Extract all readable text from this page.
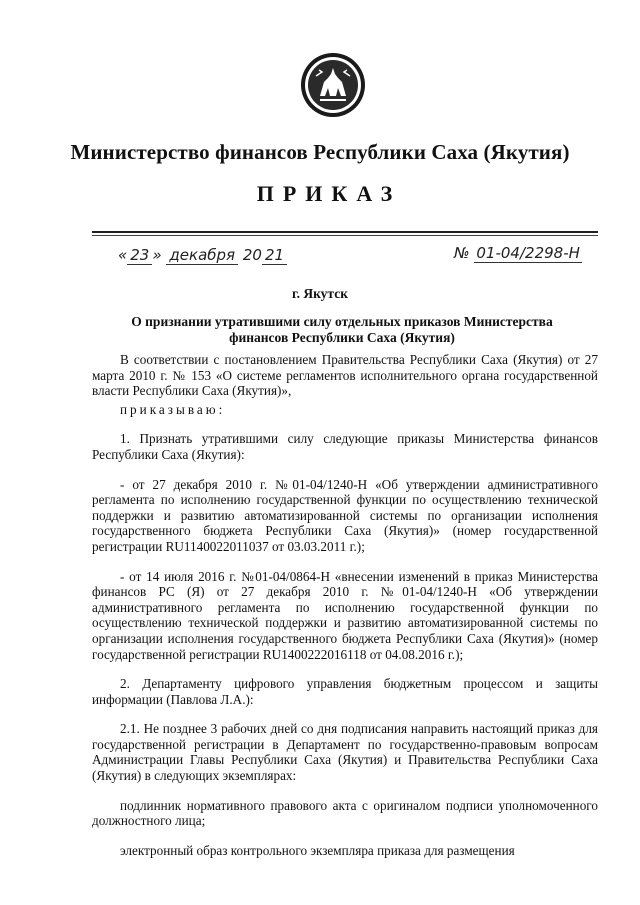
Министерство финансов Республики Саха (Якутия)
ПРИКАЗ
« 23 » декабря 20 21	№ 01-04/2298-Н
г. Якутск
О признании утратившими силу отдельных приказов Министерства финансов Республики Саха (Якутия)

В соответствии с постановлением Правительства Республики Саха (Якутия) от 27 марта 2010 г. № 153 «О системе регламентов исполнительного органа государственной власти Республики Саха (Якутия)»,

приказываю:

1. Признать утратившими силу следующие приказы Министерства финансов Республики Саха (Якутия):

- от 27 декабря 2010 г. №01-04/1240-Н «Об утверждении административного регламента по исполнению государственной функции по осуществлению технической поддержки и развитию автоматизированной системы по организации исполнения государственного бюджета Республики Саха (Якутия)» (номер государственной регистрации RU1140022011037 от 03.03.2011 г.);

- от 14 июля 2016 г. №01-04/0864-Н «внесении изменений в приказ Министерства финансов РС (Я) от 27 декабря 2010 г. №01-04/1240-Н «Об утверждении административного регламента по исполнению государственной функции по осуществлению технической поддержки и развитию автоматизированной системы по организации исполнения государственного бюджета Республики Саха (Якутия)» (номер государственной регистрации RU1400222016118 от 04.08.2016 г.);

2. Департаменту цифрового управления бюджетным процессом и защиты информации (Павлова Л.А.):

2.1. Не позднее 3 рабочих дней со дня подписания направить настоящий приказ для государственной регистрации в Департамент по государственно-правовым вопросам Администрации Главы Республики Саха (Якутия) и Правительства Республики Саха (Якутия) в следующих экземплярах:

подлинник нормативного правового акта с оригиналом подписи уполномоченного должностного лица;

электронный образ контрольного экземпляра приказа для размещения
